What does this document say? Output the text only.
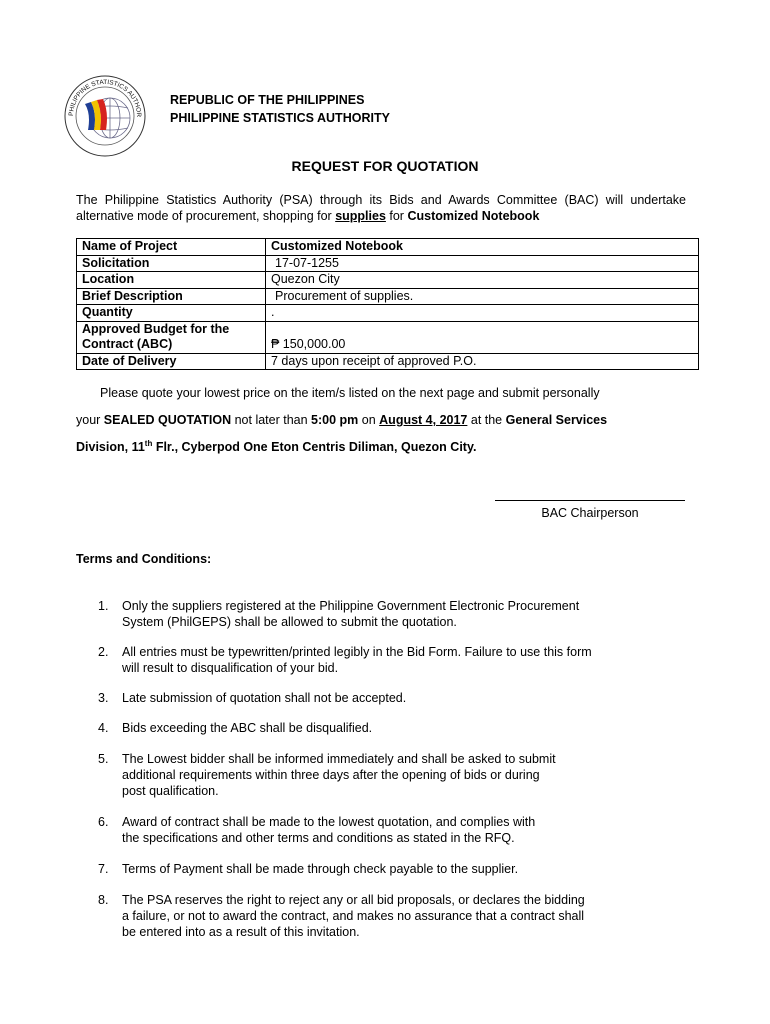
PHILIPPINE STATISTICS AUTHOR
REPUBLIC OF THE PHILIPPINES
PHILIPPINE STATISTICS AUTHORITY
REQUEST FOR QUOTATION
The Philippine Statistics Authority (PSA) through its Bids and Awards Committee (BAC) will undertake alternative mode of procurement, shopping for supplies for Customized Notebook
Name of Project	Customized Notebook
Solicitation	17-07-1255
Location	Quezon City
Brief Description	Procurement of supplies.
Quantity	.

Approved Budget for the
Contract (ABC)	₱ 150,000.00
Date of Delivery	7 days upon receipt of approved P.O.

Please quote your lowest price on the item/s listed on the next page and submit personally

your SEALED QUOTATION not later than 5:00 pm on August 4, 2017 at the General Services

Division, 11th Flr., Cyberpod One Eton Centris Diliman, Quezon City.

BAC Chairperson
Terms and Conditions:
1. Only the suppliers registered at the Philippine Government Electronic Procurement
System (PhilGEPS) shall be allowed to submit the quotation.
2. All entries must be typewritten/printed legibly in the Bid Form. Failure to use this form
will result to disqualification of your bid.
3. Late submission of quotation shall not be accepted.
4. Bids exceeding the ABC shall be disqualified.
5. The Lowest bidder shall be informed immediately and shall be asked to submit
additional requirements within three days after the opening of bids or during
post qualification.
6. Award of contract shall be made to the lowest quotation, and complies with
the specifications and other terms and conditions as stated in the RFQ.
7. Terms of Payment shall be made through check payable to the supplier.
8. The PSA reserves the right to reject any or all bid proposals, or declares the bidding
a failure, or not to award the contract, and makes no assurance that a contract shall
be entered into as a result of this invitation.
